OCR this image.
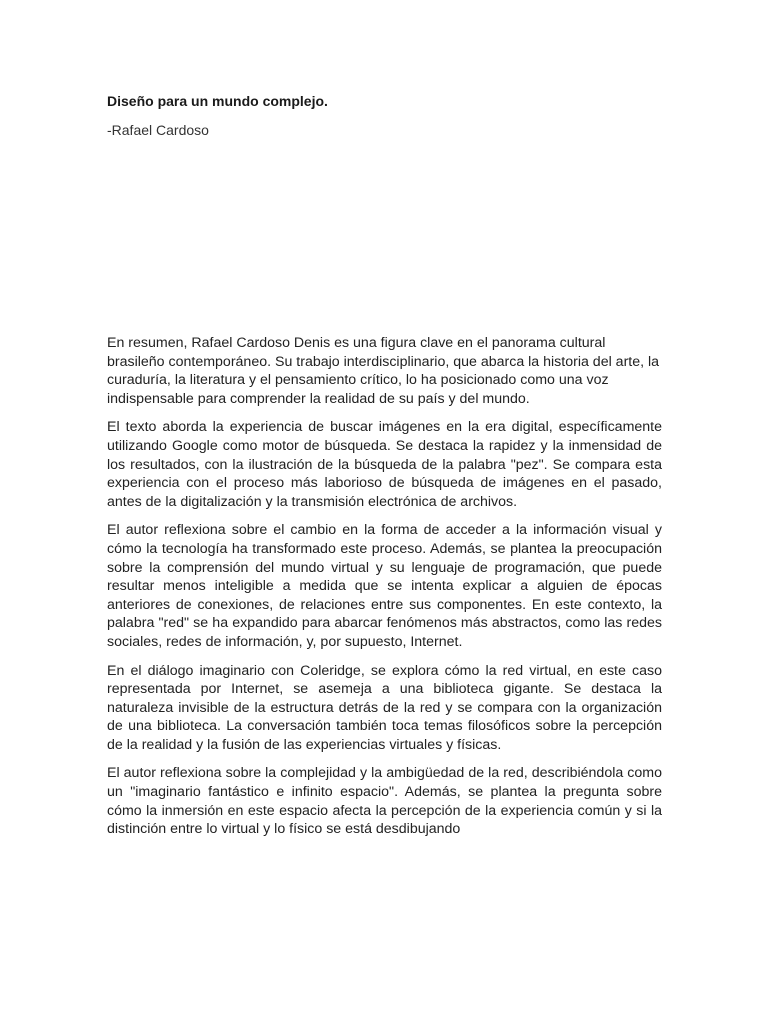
Diseño para un mundo complejo.

-Rafael Cardoso

En resumen, Rafael Cardoso Denis es una figura clave en el panorama cultural brasileño contemporáneo. Su trabajo interdisciplinario, que abarca la historia del arte, la curaduría, la literatura y el pensamiento crítico, lo ha posicionado como una voz indispensable para comprender la realidad de su país y del mundo.

El texto aborda la experiencia de buscar imágenes en la era digital, específicamente utilizando Google como motor de búsqueda. Se destaca la rapidez y la inmensidad de los resultados, con la ilustración de la búsqueda de la palabra "pez". Se compara esta experiencia con el proceso más laborioso de búsqueda de imágenes en el pasado, antes de la digitalización y la transmisión electrónica de archivos.

El autor reflexiona sobre el cambio en la forma de acceder a la información visual y cómo la tecnología ha transformado este proceso. Además, se plantea la preocupación sobre la comprensión del mundo virtual y su lenguaje de programación, que puede resultar menos inteligible a medida que se intenta explicar a alguien de épocas anteriores de conexiones, de relaciones entre sus componentes. En este contexto, la palabra "red" se ha expandido para abarcar fenómenos más abstractos, como las redes sociales, redes de información, y, por supuesto, Internet.

En el diálogo imaginario con Coleridge, se explora cómo la red virtual, en este caso representada por Internet, se asemeja a una biblioteca gigante. Se destaca la naturaleza invisible de la estructura detrás de la red y se compara con la organización de una biblioteca. La conversación también toca temas filosóficos sobre la percepción de la realidad y la fusión de las experiencias virtuales y físicas.

El autor reflexiona sobre la complejidad y la ambigüedad de la red, describiéndola como un "imaginario fantástico e infinito espacio". Además, se plantea la pregunta sobre cómo la inmersión en este espacio afecta la percepción de la experiencia común y si la distinción entre lo virtual y lo físico se está desdibujando
